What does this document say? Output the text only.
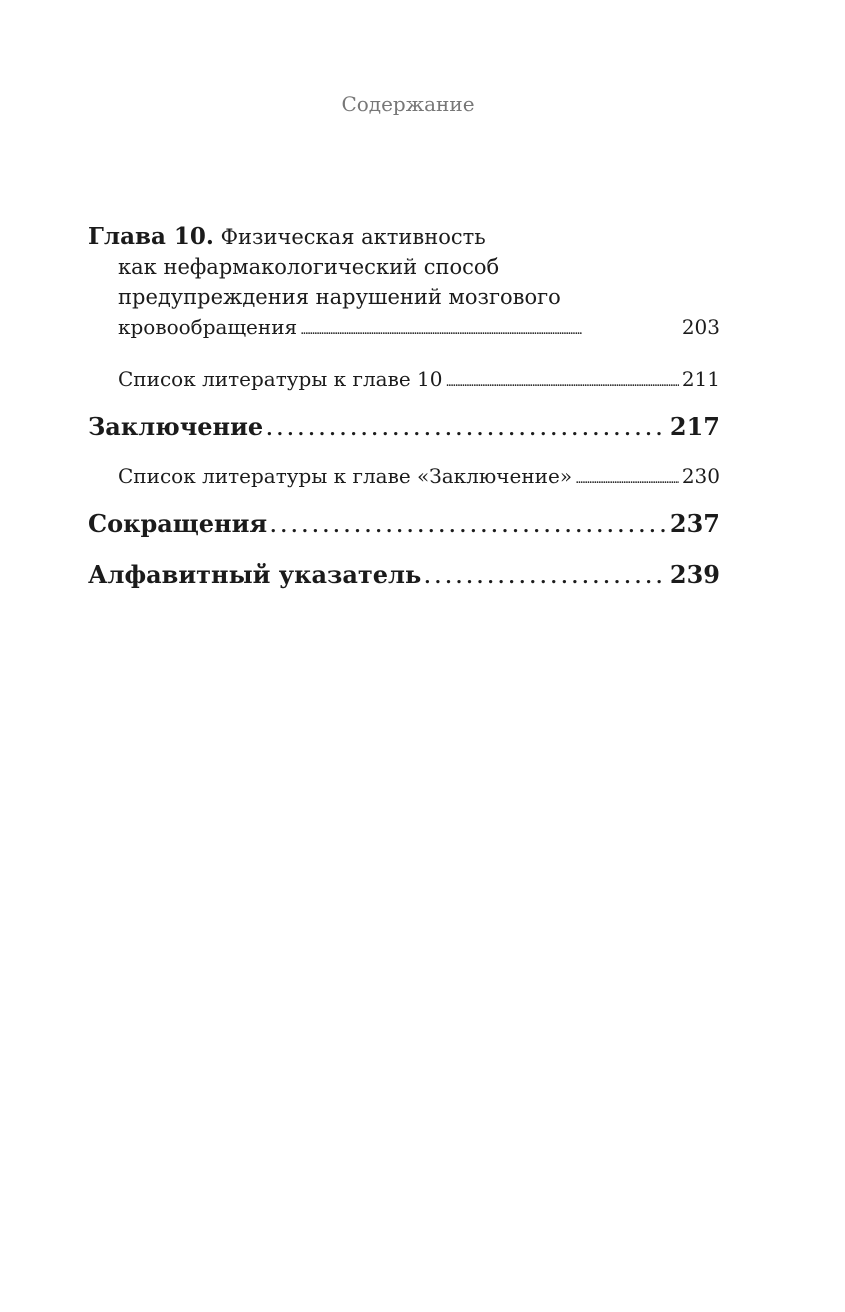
Содержание
Глава 10. Физическая активность
как нефармакологический способ
предупреждения нарушений мозгового
кровообращения . . .	203
Список литературы к главе 10 . . .	211
Заключение . . .	217
Список литературы к главе «Заключение» . . .	230
Сокращения . . .	237
Алфавитный указатель . . .	239
